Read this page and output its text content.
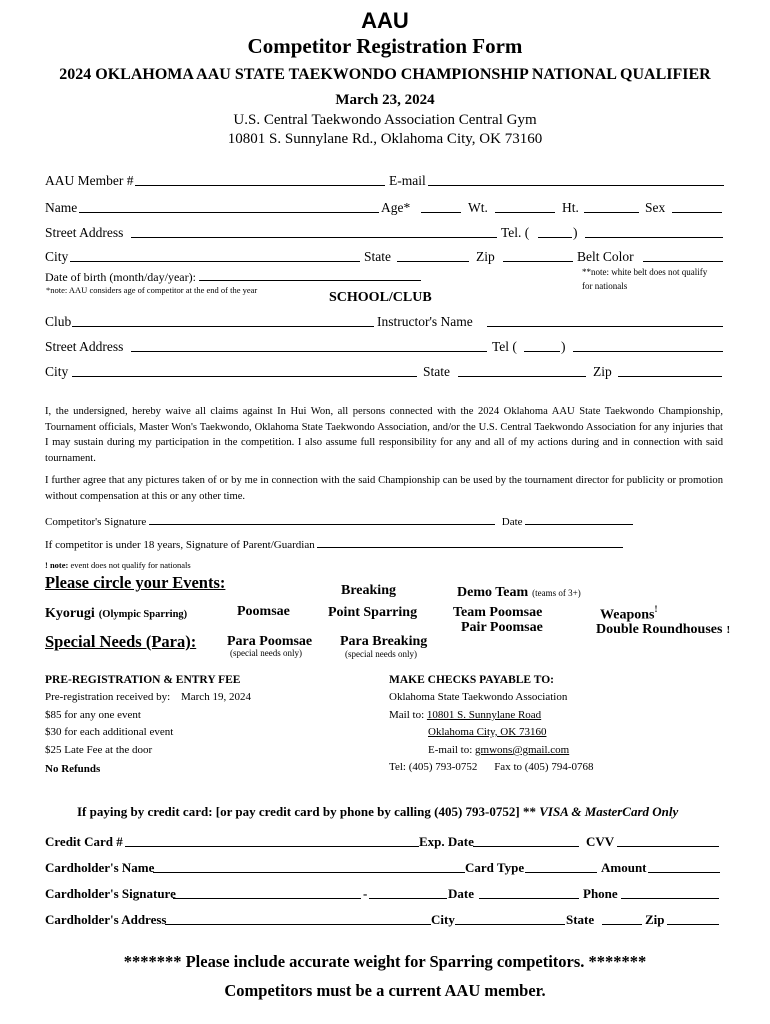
AAU
Competitor Registration Form
2024 OKLAHOMA AAU STATE TAEKWONDO CHAMPIONSHIP NATIONAL QUALIFIER
March 23, 2024
U.S. Central Taekwondo Association Central Gym
10801 S. Sunnylane Rd., Oklahoma City, OK 73160
AAU Member #	E-mail
Name	Age*	Wt.	Ht.	Sex
Street Address	Tel. (	)
City	State	Zip	Belt Color
Date of birth (month/day/year):
*note: AAU considers age of competitor at the end of the year
**note: white belt does not qualify
for nationals
SCHOOL/CLUB
Club	Instructor's Name
Street Address	Tel (	)
City	State	Zip
I, the undersigned, hereby waive all claims against In Hui Won, all persons connected with the 2024 Oklahoma AAU State Taekwondo Championship, Tournament officials, Master Won's Taekwondo, Oklahoma State Taekwondo Association, and/or the U.S. Central Taekwondo Association for any injuries that I may sustain during my participation in the competition. I also assume full responsibility for any and all of my actions during and in connection with said tournament.
I further agree that any pictures taken of or by me in connection with the said Championship can be used by the tournament director for publicity or promotion without compensation at this or any other time.
Competitor's Signature	Date
If competitor is under 18 years, Signature of Parent/Guardian
! note: event does not qualify for nationals
Please circle your Events:	Breaking	Demo Team (teams of 3+)
Kyorugi (Olympic Sparring)	Poomsae	Point Sparring	Team Poomsae
Pair Poomsae
Weapons!
Double Roundhouses !
Special Needs (Para): Para Poomsae
(special needs only)
Para Breaking
(special needs only)
PRE-REGISTRATION & ENTRY FEE
Pre-registration received by: March 19, 2024
$85 for any one event
$30 for each additional event
$25 Late Fee at the door
No Refunds
MAKE CHECKS PAYABLE TO:
Oklahoma State Taekwondo Association
Mail to: 10801 S. Sunnylane Road
Oklahoma City, OK 73160
E-mail to: gmwons@gmail.com
Tel: (405) 793-0752 Fax to (405) 794-0768
If paying by credit card: [or pay credit card by phone by calling (405) 793-0752] ** VISA & MasterCard Only
Credit Card #	Exp. Date	CVV
Cardholder's Name	Card Type	Amount
Cardholder's Signature	-	Date	Phone
Cardholder's Address	City	State	Zip
******* Please include accurate weight for Sparring competitors. *******
Competitors must be a current AAU member.
